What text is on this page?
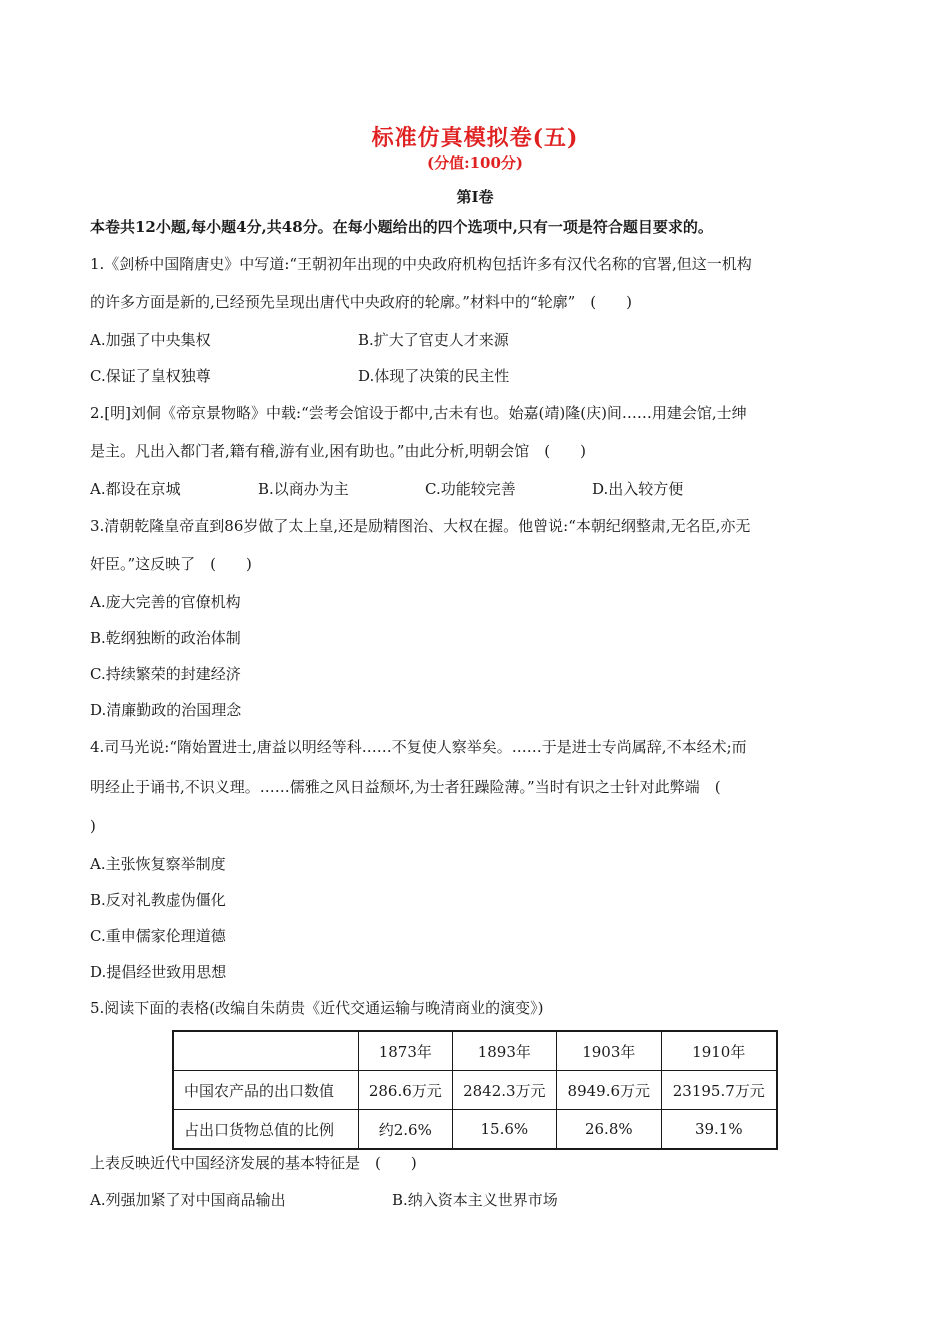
标准仿真模拟卷(五)
(分值:100分)
第Ⅰ卷
本卷共12小题,每小题4分,共48分。在每小题给出的四个选项中,只有一项是符合题目要求的。
1.《剑桥中国隋唐史》中写道:“王朝初年出现的中央政府机构包括许多有汉代名称的官署,但这一机构
的许多方面是新的,已经预先呈现出唐代中央政府的轮廓。”材料中的“轮廓”　(　　)
A.加强了中央集权	B.扩大了官吏人才来源
C.保证了皇权独尊	D.体现了决策的民主性
2.[明]刘侗《帝京景物略》中载:“尝考会馆设于都中,古未有也。始嘉(靖)隆(庆)间……用建会馆,士绅
是主。凡出入都门者,籍有稽,游有业,困有助也。”由此分析,明朝会馆　(　　)
A.都设在京城	B.以商办为主	C.功能较完善	D.出入较方便
3.清朝乾隆皇帝直到86岁做了太上皇,还是励精图治、大权在握。他曾说:“本朝纪纲整肃,无名臣,亦无
奸臣。”这反映了　(　　)
A.庞大完善的官僚机构
B.乾纲独断的政治体制
C.持续繁荣的封建经济
D.清廉勤政的治国理念
4.司马光说:“隋始置进士,唐益以明经等科……不复使人察举矣。……于是进士专尚属辞,不本经术;而
明经止于诵书,不识义理。……儒雅之风日益颓坏,为士者狂躁险薄。”当时有识之士针对此弊端　(
)
A.主张恢复察举制度
B.反对礼教虚伪僵化
C.重申儒家伦理道德
D.提倡经世致用思想
5.阅读下面的表格(改编自朱荫贵《近代交通运输与晚清商业的演变》)
	1873年	1893年	1903年	1910年
中国农产品的出口数值	286.6万元	2842.3万元	8949.6万元	23195.7万元
占出口货物总值的比例	约2.6%	15.6%	26.8%	39.1%
上表反映近代中国经济发展的基本特征是　(　　)
A.列强加紧了对中国商品输出	B.纳入资本主义世界市场
